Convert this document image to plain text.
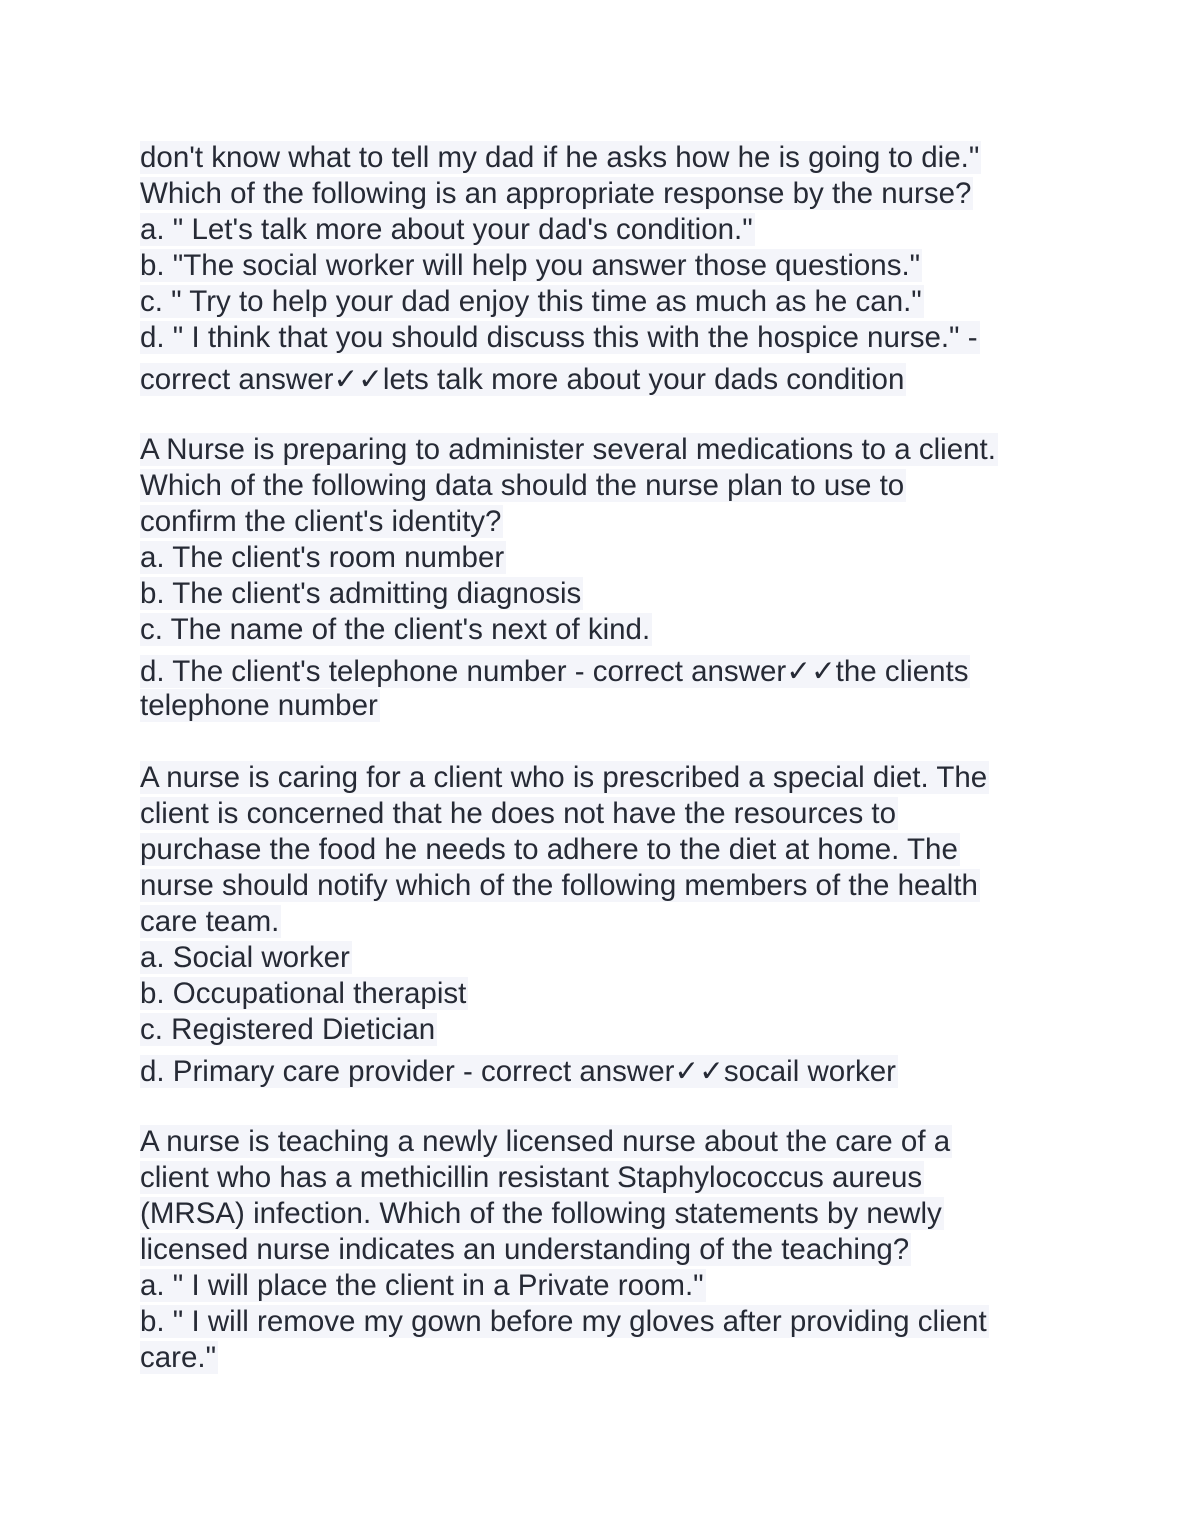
don't know what to tell my dad if he asks how he is going to die."
Which of the following is an appropriate response by the nurse?
a. " Let's talk more about your dad's condition."
b. "The social worker will help you answer those questions."
c. " Try to help your dad enjoy this time as much as he can."
d. " I think that you should discuss this with the hospice nurse." -
correct answer✓✓lets talk more about your dads condition
A Nurse is preparing to administer several medications to a client.
Which of the following data should the nurse plan to use to
confirm the client's identity?
a. The client's room number
b. The client's admitting diagnosis
c. The name of the client's next of kind.
d. The client's telephone number - correct answer✓✓the clients
telephone number
A nurse is caring for a client who is prescribed a special diet. The
client is concerned that he does not have the resources to
purchase the food he needs to adhere to the diet at home. The
nurse should notify which of the following members of the health
care team.
a. Social worker
b. Occupational therapist
c. Registered Dietician
d. Primary care provider - correct answer✓✓socail worker
A nurse is teaching a newly licensed nurse about the care of a
client who has a methicillin resistant Staphylococcus aureus
(MRSA) infection. Which of the following statements by newly
licensed nurse indicates an understanding of the teaching?
a. " I will place the client in a Private room."
b. " I will remove my gown before my gloves after providing client
care."
